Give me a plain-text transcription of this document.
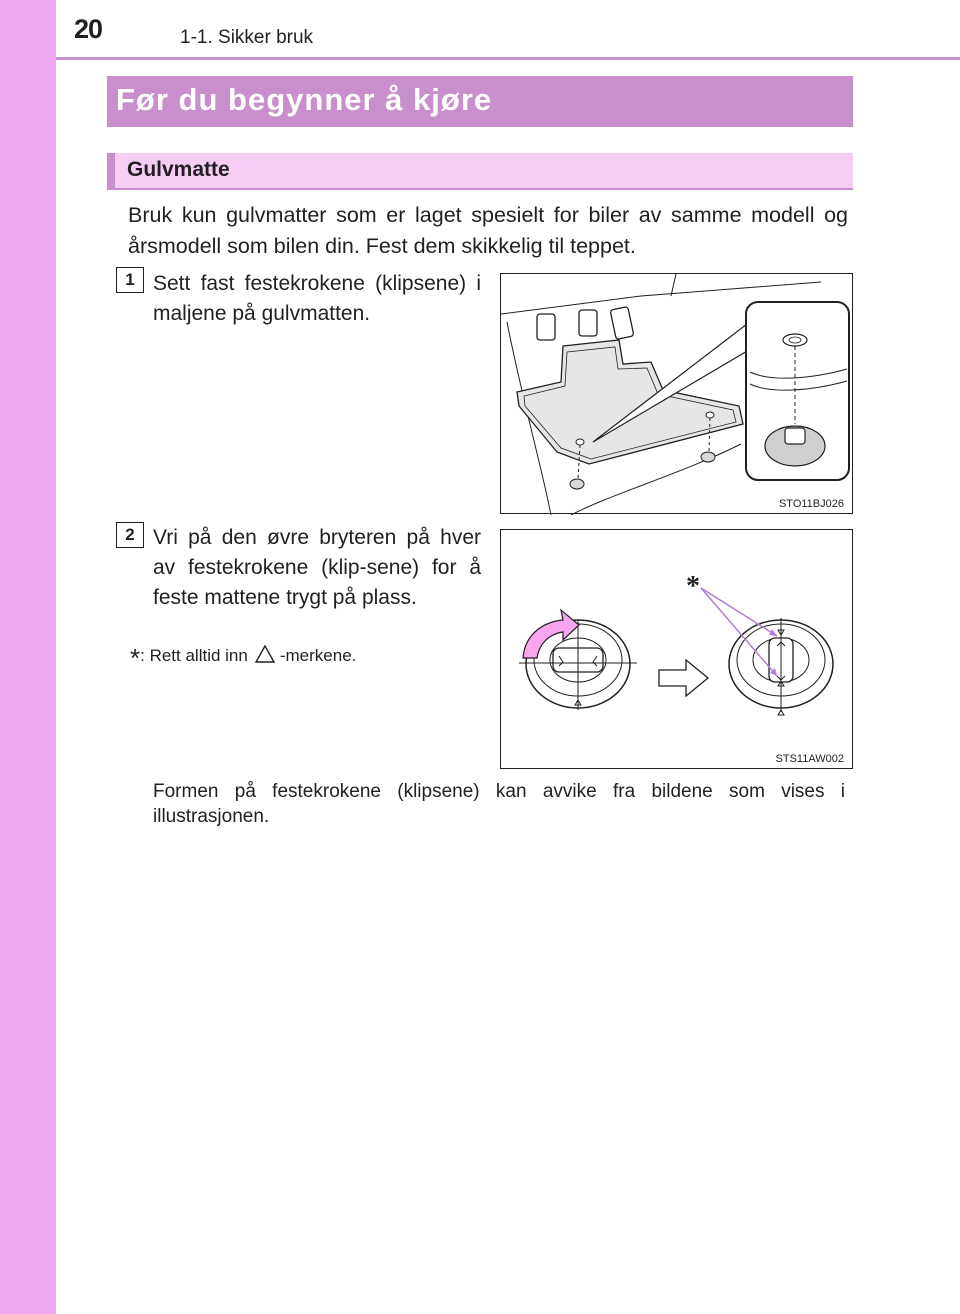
20	1-1. Sikker bruk
Før du begynner å kjøre
Gulvmatte

Bruk kun gulvmatter som er laget spesielt for biler av samme modell og årsmodell som bilen din. Fest dem skikkelig til teppet.

1 Sett fast festekrokene (klipsene) i maljene på gulvmatten.

STO11BJ026
2 Vri på den øvre bryteren på hver av festekrokene (klip-sene) for å feste mattene trygt på plass.

*: Rett alltid inn -merkene.
*
STS11AW002

Formen på festekrokene (klipsene) kan avvike fra bildene som vises i illustrasjonen.
